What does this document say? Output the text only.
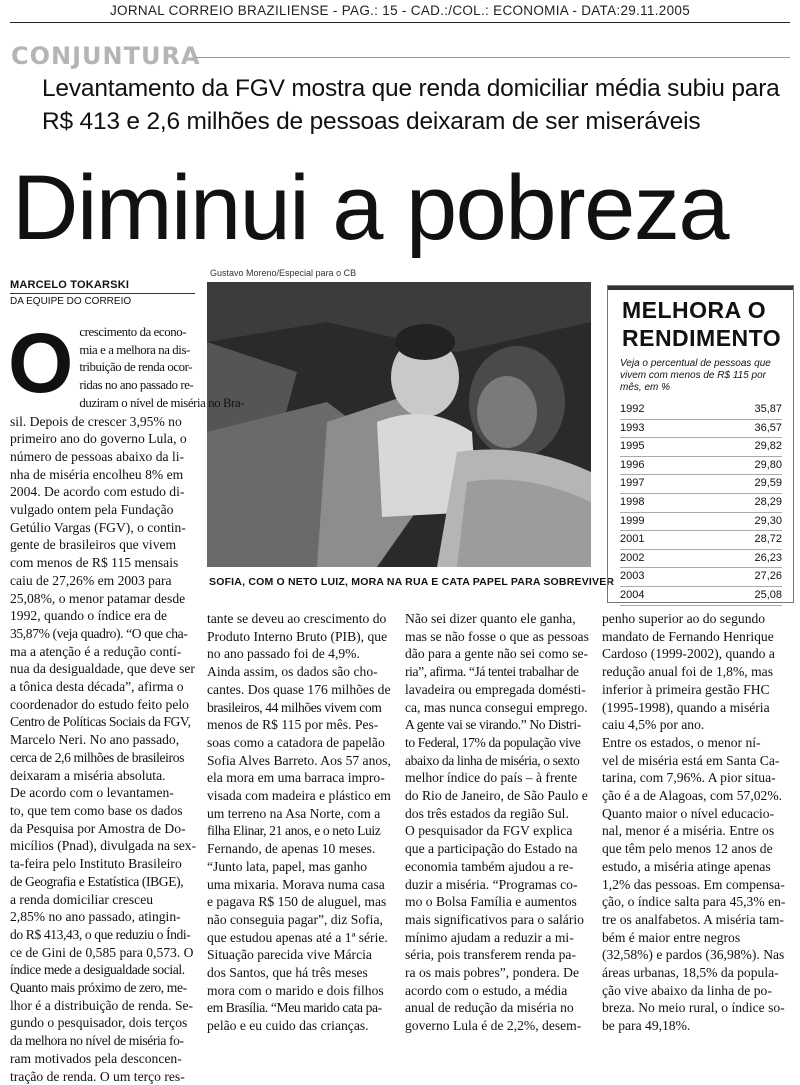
JORNAL CORREIO BRAZILIENSE - PAG.: 15 - CAD.:/COL.: ECONOMIA - DATA:29.11.2005
CONJUNTURA
Levantamento da FGV mostra que renda domiciliar média subiu para R$ 413 e 2,6 milhões de pessoas deixaram de ser miseráveis
Diminui a pobreza
MARCELO TOKARSKI
DA EQUIPE DO CORREIO
Gustavo Moreno/Especial para o CB
SOFIA, COM O NETO LUIZ, MORA NA RUA E CATA PAPEL PARA SOBREVIVER
MELHORA O
RENDIMENTO
Veja o percentual de pessoas que vivem com menos de R$ 115 por mês, em %
1992	35,87
1993	36,57
1995	29,82
1996	29,80
1997	29,59
1998	28,29
1999	29,30
2001	28,72
2002	26,23
2003	27,26
2004	25,08
O crescimento da econo-
mia e a melhora na dis-
tribuição de renda ocor-
ridas no ano passado re-
duziram o nível de miséria no Bra-
sil. Depois de crescer 3,95% no
primeiro ano do governo Lula, o
número de pessoas abaixo da li-
nha de miséria encolheu 8% em
2004. De acordo com estudo di-
vulgado ontem pela Fundação
Getúlio Vargas (FGV), o contin-
gente de brasileiros que vivem
com menos de R$ 115 mensais
caiu de 27,26% em 2003 para
25,08%, o menor patamar desde
1992, quando o índice era de
35,87% (veja quadro). “O que cha-
ma a atenção é a redução contí-
nua da desigualdade, que deve ser
a tônica desta década”, afirma o
coordenador do estudo feito pelo
Centro de Políticas Sociais da FGV,
Marcelo Neri. No ano passado,
cerca de 2,6 milhões de brasileiros
deixaram a miséria absoluta.
De acordo com o levantamen-
to, que tem como base os dados
da Pesquisa por Amostra de Do-
micílios (Pnad), divulgada na sex-
ta-feira pelo Instituto Brasileiro
de Geografia e Estatística (IBGE),
a renda domiciliar cresceu
2,85% no ano passado, atingin-
do R$ 413,43, o que reduziu o Índi-
ce de Gini de 0,585 para 0,573. O
índice mede a desigualdade social.
Quanto mais próximo de zero, me-
lhor é a distribuição de renda. Se-
gundo o pesquisador, dois terços
da melhora no nível de miséria fo-
ram motivados pela desconcen-
tração de renda. O um terço res-
tante se deveu ao crescimento do
Produto Interno Bruto (PIB), que
no ano passado foi de 4,9%.
Ainda assim, os dados são cho-
cantes. Dos quase 176 milhões de
brasileiros, 44 milhões vivem com
menos de R$ 115 por mês. Pes-
soas como a catadora de papelão
Sofia Alves Barreto. Aos 57 anos,
ela mora em uma barraca impro-
visada com madeira e plástico em
um terreno na Asa Norte, com a
filha Elinar, 21 anos, e o neto Luiz
Fernando, de apenas 10 meses.
“Junto lata, papel, mas ganho
uma mixaria. Morava numa casa
e pagava R$ 150 de aluguel, mas
não conseguia pagar”, diz Sofia,
que estudou apenas até a 1ª série.
Situação parecida vive Márcia
dos Santos, que há três meses
mora com o marido e dois filhos
em Brasília. “Meu marido cata pa-
pelão e eu cuido das crianças.
Não sei dizer quanto ele ganha,
mas se não fosse o que as pessoas
dão para a gente não sei como se-
ria”, afirma. “Já tentei trabalhar de
lavadeira ou empregada domésti-
ca, mas nunca consegui emprego.
A gente vai se virando.” No Distri-
to Federal, 17% da população vive
abaixo da linha de miséria, o sexto
melhor índice do país – à frente
do Rio de Janeiro, de São Paulo e
dos três estados da região Sul.
O pesquisador da FGV explica
que a participação do Estado na
economia também ajudou a re-
duzir a miséria. “Programas co-
mo o Bolsa Família e aumentos
mais significativos para o salário
mínimo ajudam a reduzir a mi-
séria, pois transferem renda pa-
ra os mais pobres”, pondera. De
acordo com o estudo, a média
anual de redução da miséria no
governo Lula é de 2,2%, desem-
penho superior ao do segundo
mandato de Fernando Henrique
Cardoso (1999-2002), quando a
redução anual foi de 1,8%, mas
inferior à primeira gestão FHC
(1995-1998), quando a miséria
caiu 4,5% por ano.
Entre os estados, o menor ní-
vel de miséria está em Santa Ca-
tarina, com 7,96%. A pior situa-
ção é a de Alagoas, com 57,02%.
Quanto maior o nível educacio-
nal, menor é a miséria. Entre os
que têm pelo menos 12 anos de
estudo, a miséria atinge apenas
1,2% das pessoas. Em compensa-
ção, o índice salta para 45,3% en-
tre os analfabetos. A miséria tam-
bém é maior entre negros
(32,58%) e pardos (36,98%). Nas
áreas urbanas, 18,5% da popula-
ção vive abaixo da linha de po-
breza. No meio rural, o índice so-
be para 49,18%.
